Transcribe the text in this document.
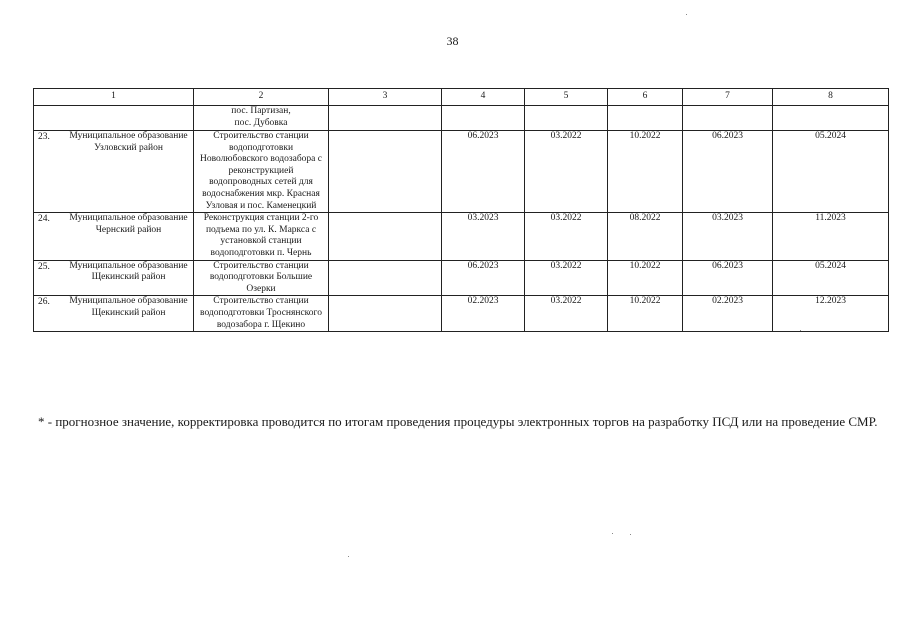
38
1	2	3	4	5	6	7	8
	пос. Партизан,
пос. Дубовка						

23. Муниципальное образование Узловский район	Строительство станции водоподготовки Новолюбовского водозабора с реконструкцией водопроводных сетей для водоснабжения мкр. Красная Узловая и пос. Каменецкий		06.2023	03.2022	10.2022	06.2023	05.2024

24. Муниципальное образование Чернский район	Реконструкция станции 2-го подъема по ул. К. Маркса с установкой станции водоподготовки п. Чернь		03.2023	03.2022	08.2022	03.2023	11.2023

25. Муниципальное образование Щекинский район	Строительство станции водоподготовки Большие Озерки		06.2023	03.2022	10.2022	06.2023	05.2024

26. Муниципальное образование Щекинский район	Строительство станции водоподготовки Троснянского водозабора г. Щекино		02.2023	03.2022	10.2022	02.2023	12.2023
* - прогнозное значение, корректировка проводится по итогам проведения процедуры электронных торгов на разработку ПСД или на проведение СМР.
